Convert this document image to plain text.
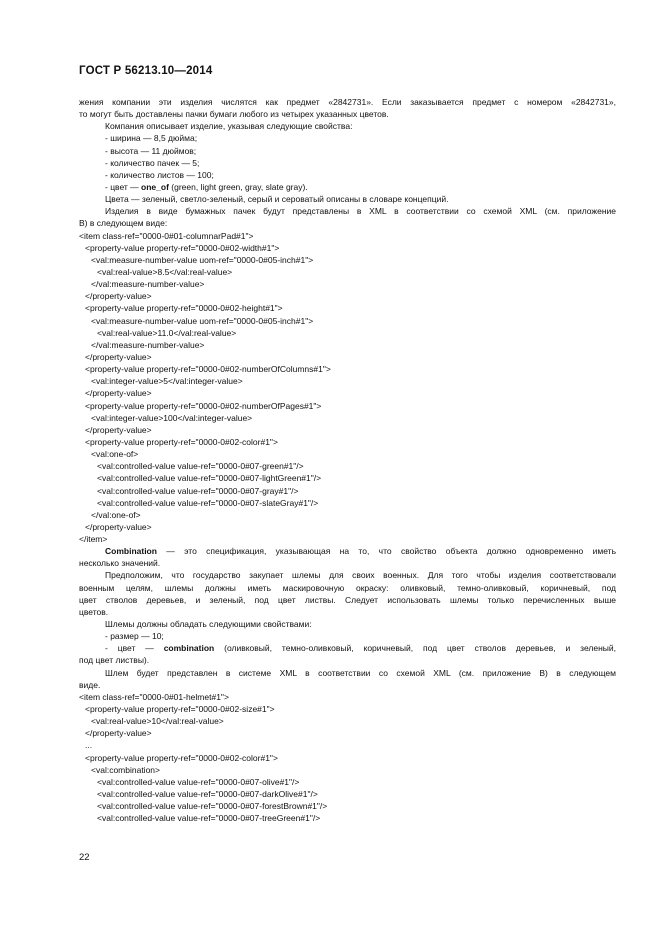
ГОСТ Р 56213.10—2014
жения компании эти изделия числятся как предмет «2842731». Если заказывается предмет с номером «2842731»,
то могут быть доставлены пачки бумаги любого из четырех указанных цветов.
Компания описывает изделие, указывая следующие свойства:
- ширина — 8,5 дюйма;
- высота — 11 дюймов;
- количество пачек — 5;
- количество листов — 100;
- цвет — one_of (green, light green, gray, slate gray).
Цвета — зеленый, светло-зеленый, серый и сероватый описаны в словаре концепций.
Изделия в виде бумажных пачек будут представлены в XML в соответствии со схемой XML (см. приложение
В) в следующем виде:
<item class-ref="0000-0#01-columnarPad#1">
<property-value property-ref="0000-0#02-width#1">
<val:measure-number-value uom-ref="0000-0#05-inch#1">
<val:real-value>8.5</val:real-value>
</val:measure-number-value>
</property-value>
<property-value property-ref="0000-0#02-height#1">
<val:measure-number-value uom-ref="0000-0#05-inch#1">
<val:real-value>11.0</val:real-value>
</val:measure-number-value>
</property-value>
<property-value property-ref="0000-0#02-numberOfColumns#1">
<val:integer-value>5</val:integer-value>
</property-value>
<property-value property-ref="0000-0#02-numberOfPages#1">
<val:integer-value>100</val:integer-value>
</property-value>
<property-value property-ref="0000-0#02-color#1">
<val:one-of>
<val:controlled-value value-ref="0000-0#07-green#1"/>
<val:controlled-value value-ref="0000-0#07-lightGreen#1"/>
<val:controlled-value value-ref="0000-0#07-gray#1"/>
<val:controlled-value value-ref="0000-0#07-slateGray#1"/>
</val:one-of>
</property-value>
</item>
Combination — это спецификация, указывающая на то, что свойство объекта должно одновременно иметь
несколько значений.
Предположим, что государство закупает шлемы для своих военных. Для того чтобы изделия соответствовали
военным целям, шлемы должны иметь маскировочную окраску: оливковый, темно-оливковый, коричневый, под
цвет стволов деревьев, и зеленый, под цвет листвы. Следует использовать шлемы только перечисленных выше
цветов.
Шлемы должны обладать следующими свойствами:
- размер — 10;
- цвет — combination (оливковый, темно-оливковый, коричневый, под цвет стволов деревьев, и зеленый,
под цвет листвы).
Шлем будет представлен в системе XML в соответствии со схемой XML (см. приложение В) в следующем
виде.
<item class-ref="0000-0#01-helmet#1">
<property-value property-ref="0000-0#02-size#1">
<val:real-value>10</val:real-value>
</property-value>
...
<property-value property-ref="0000-0#02-color#1">
<val:combination>
<val:controlled-value value-ref="0000-0#07-olive#1"/>
<val:controlled-value value-ref="0000-0#07-darkOlive#1"/>
<val:controlled-value value-ref="0000-0#07-forestBrown#1"/>
<val:controlled-value value-ref="0000-0#07-treeGreen#1"/>
22
